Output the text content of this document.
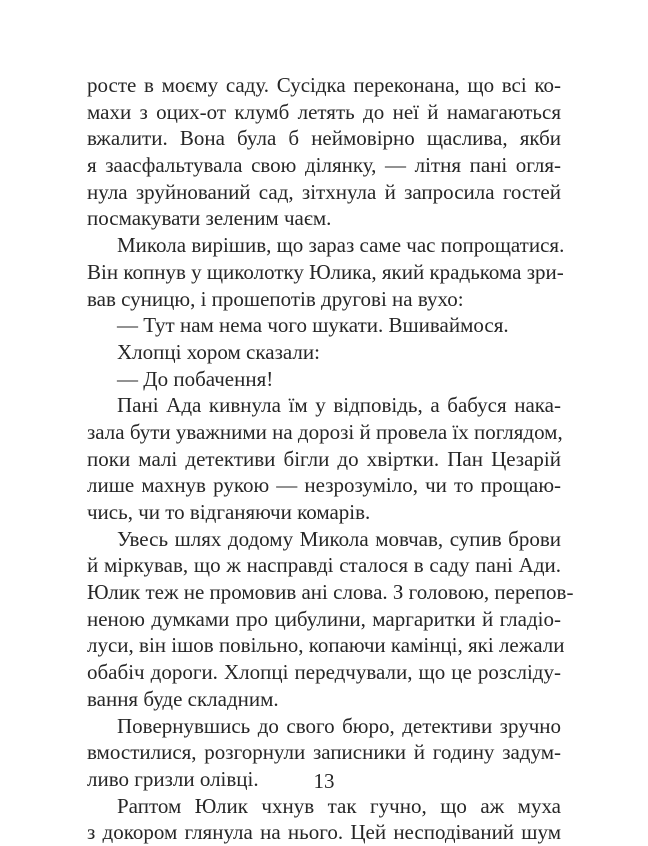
росте в моєму саду. Сусідка переконана, що всі ко-
махи з оцих-от клумб летять до неї й намагаються
вжалити. Вона була б неймовірно щаслива, якби
я заасфальтувала свою ділянку, — літня пані огля-
нула зруйнований сад, зітхнула й запросила гостей
посмакувати зеленим чаєм.
Микола вирішив, що зараз саме час попрощатися.
Він копнув у щиколотку Юлика, який крадькома зри-
вав суницю, і прошепотів другові на вухо:
— Тут нам нема чого шукати. Вшиваймося.
Хлопці хором сказали:
— До побачення!
Пані Ада кивнула їм у відповідь, а бабуся нака-
зала бути уважними на дорозі й провела їх поглядом,
поки малі детективи бігли до хвіртки. Пан Цезарій
лише махнув рукою — незрозуміло, чи то прощаю-
чись, чи то відганяючи комарів.
Увесь шлях додому Микола мовчав, супив брови
й міркував, що ж насправді сталося в саду пані Ади.
Юлик теж не промовив ані слова. З головою, перепов-
неною думками про цибулини, маргаритки й гладіо-
луси, він ішов повільно, копаючи камінці, які лежали
обабіч дороги. Хлопці передчували, що це розсліду-
вання буде складним.
Повернувшись до свого бюро, детективи зручно
вмостилися, розгорнули записники й годину задум-
ливо гризли олівці.
Раптом Юлик чхнув так гучно, що аж муха
з докором глянула на нього. Цей несподіваний шум
13
